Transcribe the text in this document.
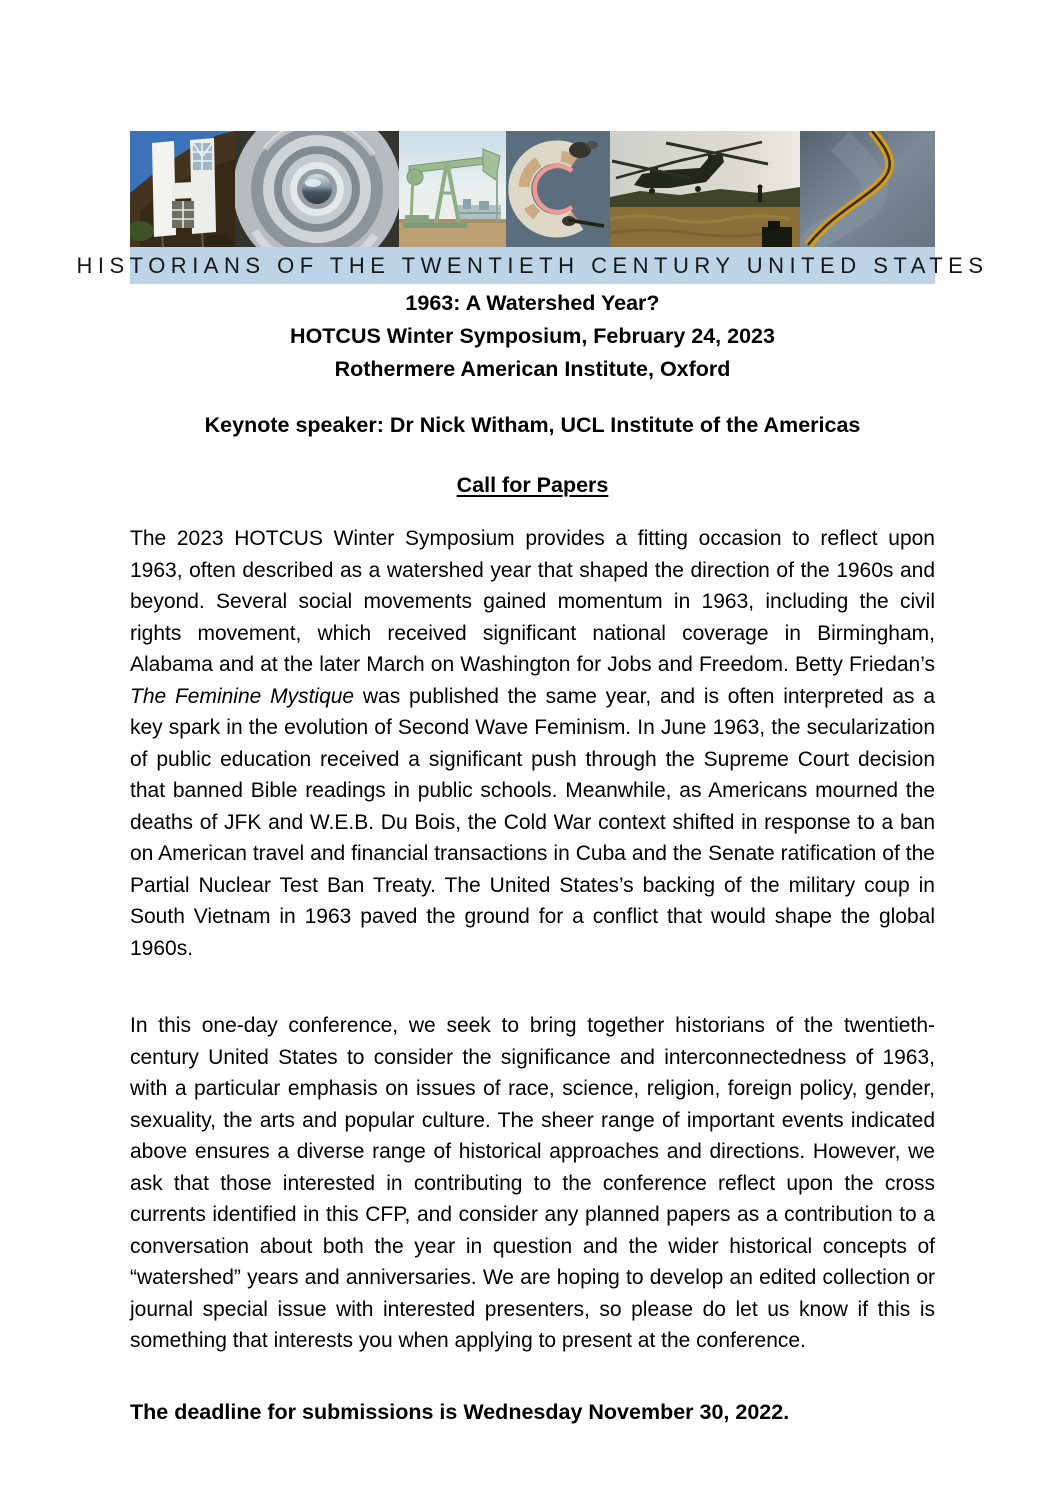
HISTORIANS OF THE TWENTIETH CENTURY UNITED STATES

1963: A Watershed Year?

HOTCUS Winter Symposium, February 24, 2023

Rothermere American Institute, Oxford

Keynote speaker: Dr Nick Witham, UCL Institute of the Americas

Call for Papers

The 2023 HOTCUS Winter Symposium provides a fitting occasion to reflect upon 1963, often described as a watershed year that shaped the direction of the 1960s and beyond. Several social movements gained momentum in 1963, including the civil rights movement, which received significant national coverage in Birmingham, Alabama and at the later March on Washington for Jobs and Freedom. Betty Friedan’s The Feminine Mystique was published the same year, and is often interpreted as a key spark in the evolution of Second Wave Feminism. In June 1963, the secularization of public education received a significant push through the Supreme Court decision that banned Bible readings in public schools. Meanwhile, as Americans mourned the deaths of JFK and W.E.B. Du Bois, the Cold War context shifted in response to a ban on American travel and financial transactions in Cuba and the Senate ratification of the Partial Nuclear Test Ban Treaty. The United States’s backing of the military coup in South Vietnam in 1963 paved the ground for a conflict that would shape the global 1960s.

In this one-day conference, we seek to bring together historians of the twentieth-century United States to consider the significance and interconnectedness of 1963, with a particular emphasis on issues of race, science, religion, foreign policy, gender, sexuality, the arts and popular culture. The sheer range of important events indicated above ensures a diverse range of historical approaches and directions. However, we ask that those interested in contributing to the conference reflect upon the cross currents identified in this CFP, and consider any planned papers as a contribution to a conversation about both the year in question and the wider historical concepts of “watershed” years and anniversaries. We are hoping to develop an edited collection or journal special issue with interested presenters, so please do let us know if this is something that interests you when applying to present at the conference.

The deadline for submissions is Wednesday November 30, 2022.
